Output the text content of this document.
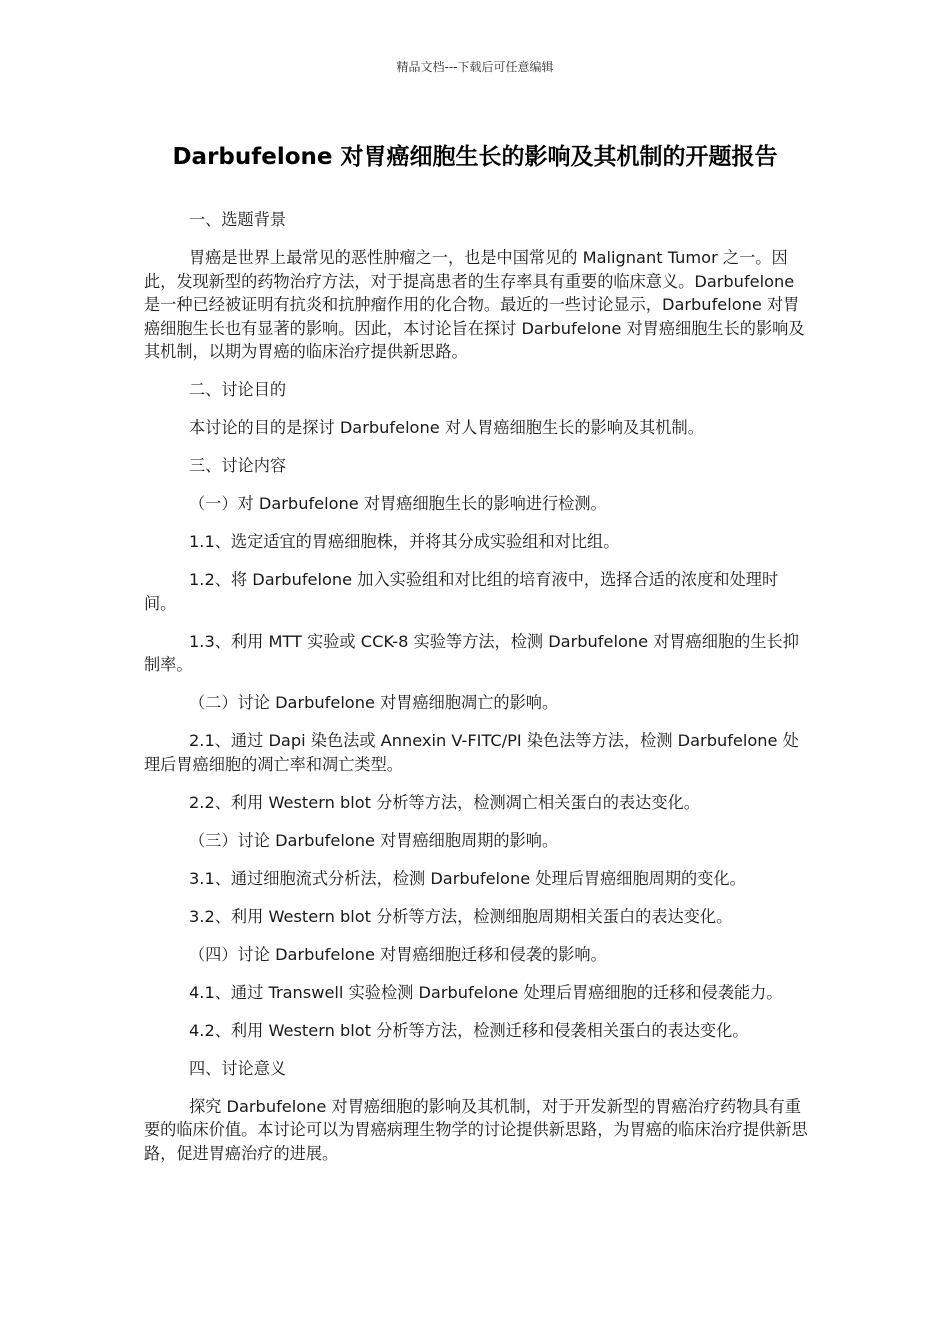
精品文档---下载后可任意编辑
Darbufelone 对胃癌细胞生长的影响及其机制的开题报告

一、选题背景

胃癌是世界上最常见的恶性肿瘤之一，也是中国常见的 Malignant Tumor 之一。因此，发现新型的药物治疗方法，对于提高患者的生存率具有重要的临床意义。Darbufelone 是一种已经被证明有抗炎和抗肿瘤作用的化合物。最近的一些讨论显示，Darbufelone 对胃癌细胞生长也有显著的影响。因此，本讨论旨在探讨 Darbufelone 对胃癌细胞生长的影响及其机制，以期为胃癌的临床治疗提供新思路。

二、讨论目的

本讨论的目的是探讨 Darbufelone 对人胃癌细胞生长的影响及其机制。

三、讨论内容

（一）对 Darbufelone 对胃癌细胞生长的影响进行检测。

1.1、选定适宜的胃癌细胞株，并将其分成实验组和对比组。

1.2、将 Darbufelone 加入实验组和对比组的培育液中，选择合适的浓度和处理时间。

1.3、利用 MTT 实验或 CCK-8 实验等方法，检测 Darbufelone 对胃癌细胞的生长抑制率。

（二）讨论 Darbufelone 对胃癌细胞凋亡的影响。

2.1、通过 Dapi 染色法或 Annexin V-FITC/PI 染色法等方法，检测 Darbufelone 处理后胃癌细胞的凋亡率和凋亡类型。

2.2、利用 Western blot 分析等方法，检测凋亡相关蛋白的表达变化。

（三）讨论 Darbufelone 对胃癌细胞周期的影响。

3.1、通过细胞流式分析法，检测 Darbufelone 处理后胃癌细胞周期的变化。

3.2、利用 Western blot 分析等方法，检测细胞周期相关蛋白的表达变化。

（四）讨论 Darbufelone 对胃癌细胞迁移和侵袭的影响。

4.1、通过 Transwell 实验检测 Darbufelone 处理后胃癌细胞的迁移和侵袭能力。

4.2、利用 Western blot 分析等方法，检测迁移和侵袭相关蛋白的表达变化。

四、讨论意义

探究 Darbufelone 对胃癌细胞的影响及其机制，对于开发新型的胃癌治疗药物具有重要的临床价值。本讨论可以为胃癌病理生物学的讨论提供新思路，为胃癌的临床治疗提供新思路，促进胃癌治疗的进展。
